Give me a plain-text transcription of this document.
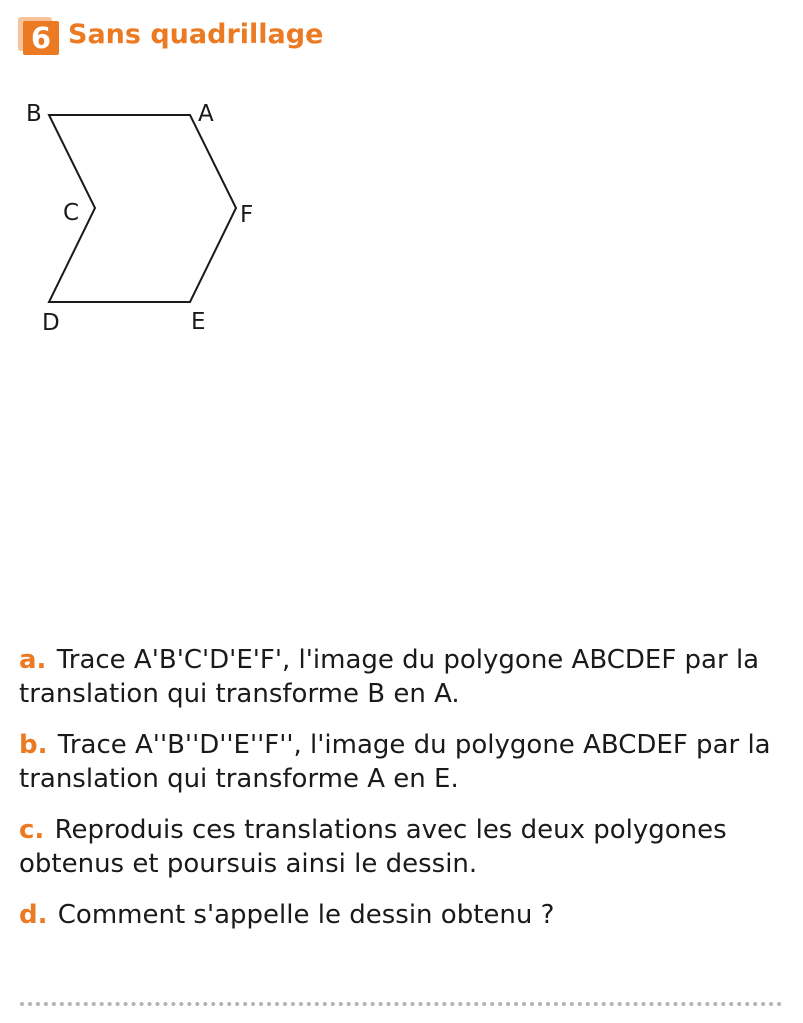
6 Sans quadrillage
B	A
C	F
D	E

a. Trace A'B'C'D'E'F', l'image du polygone ABCDEF par la translation qui transforme B en A.

b. Trace A''B''D''E''F'', l'image du polygone ABCDEF par la translation qui transforme A en E.

c. Reproduis ces translations avec les deux polygones obtenus et poursuis ainsi le dessin.

d. Comment s'appelle le dessin obtenu ?
